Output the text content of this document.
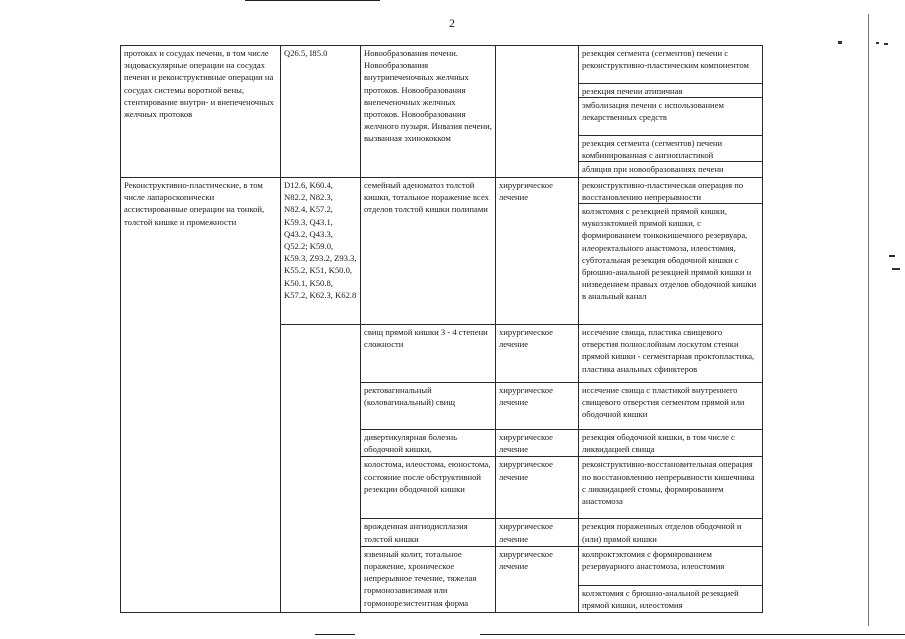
2
протоках и сосудах печени, в том числе эндоваскулярные операции на сосудах печени и реконструктивные операции на сосудах системы воротной вены, стентирование внутри- и внепеченочных желчных протоков	Q26.5, I85.0	Новообразования печени. Новообразования внутрипеченочных желчных протоков. Новообразования внепеченочных желчных протоков. Новообразования желчного пузыря. Инвазия печени, вызванная эхинококком		резекция сегмента (сегментов) печени с реконструктивно-пластическим компонентом
резекция печени атипичная
эмболизация печени с использованием лекарственных средств
резекция сегмента (сегментов) печени комбинированная с ангиопластикой
абляция при новообразованиях печени

Реконструктивно-пластические, в том числе лапароскопически ассистированные операции на тонкой, толстой кишке и промежности	D12.6, K60.4, N82.2, N82.3, N82.4, K57.2, K59.3, Q43.1, Q43.2, Q43.3, Q52.2; K59.0, K59.3, Z93.2, Z93.3, K55.2, K51, K50.0, K50.1, K50.8, K57.2, K62.3, K62.8	семейный аденоматоз толстой кишки, тотальное поражение всех отделов толстой кишки полипами	хирургическое лечение	реконструктивно-пластическая операция по восстановлению непрерывности
колэктомия с резекцией прямой кишки, мукозэктомией прямой кишки, с формированием тонкокишечного резервуара, илеоректального анастомоза, илеостомия, субтотальная резекция ободочной кишки с брюшно-анальной резекцией прямой кишки и низведением правых отделов ободочной кишки в анальный канал

		свищ прямой кишки 3 - 4 степени сложности	хирургическое лечение	иссечение свища, пластика свищевого отверстия полнослойным лоскутом стенки прямой кишки - сегментарная проктопластика, пластика анальных сфинктеров

		ректовагинальный (коловагинальный) свищ	хирургическое лечение	иссечение свища с пластикой внутреннего свищевого отверстия сегментом прямой или ободочной кишки

		дивертикулярная болезнь ободочной кишки,	хирургическое лечение	резекция ободочной кишки, в том числе с ликвидацией свища

		колостома, илеостома, еюностома, состояние после обструктивной резекции ободочной кишки	хирургическое лечение	реконструктивно-восстановительная операция по восстановлению непрерывности кишечника с ликвидацией стомы, формированием анастомоза

		врожденная ангиодисплазия толстой кишки	хирургическое лечение	резекция пораженных отделов ободочной и (или) прямой кишки

		язвенный колит, тотальное поражение, хроническое непрерывное течение, тяжелая гормонозависимая или гормонорезистентная форма	хирургическое лечение	колпроктэктомия с формированием резервуарного анастомоза, илеостомия
колэктомия с брюшно-анальной резекцией прямой кишки, илеостомия
